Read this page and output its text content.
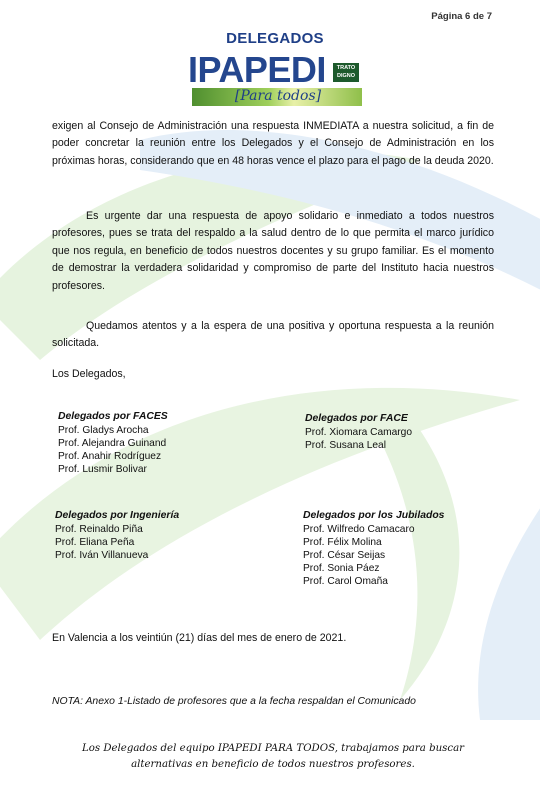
Página 6 de 7
DELEGADOS
IPAPEDI	TRATO DIGNO
[Para todos]
exigen al Consejo de Administración una respuesta INMEDIATA a nuestra solicitud, a fin de poder concretar la reunión entre los Delegados y el Consejo de Administración en los próximas horas, considerando que en 48 horas vence el plazo para el pago de la deuda 2020.
Es urgente dar una respuesta de apoyo solidario e inmediato a todos nuestros profesores, pues se trata del respaldo a la salud dentro de lo que permita el marco jurídico que nos regula, en beneficio de todos nuestros docentes y su grupo familiar. Es el momento de demostrar la verdadera solidaridad y compromiso de parte del Instituto hacia nuestros profesores.
Quedamos atentos y a la espera de una positiva y oportuna respuesta a la reunión solicitada.
Los Delegados,
Delegados por FACES
Prof. Gladys Arocha
Prof. Alejandra Guinand
Prof. Anahir Rodríguez
Prof. Lusmir Bolivar
Delegados por FACE
Prof. Xiomara Camargo
Prof. Susana Leal
Delegados por Ingeniería
Prof. Reinaldo Piña
Prof. Eliana Peña
Prof. Iván Villanueva
Delegados por los Jubilados
Prof. Wilfredo Camacaro
Prof. Félix Molina
Prof. César Seijas
Prof. Sonia Páez
Prof. Carol Omaña
En Valencia a los veintiún (21) días del mes de enero de 2021.
NOTA: Anexo 1-Listado de profesores que a la fecha respaldan el Comunicado
Los Delegados del equipo IPAPEDI PARA TODOS, trabajamos para buscar
alternativas en beneficio de todos nuestros profesores.
